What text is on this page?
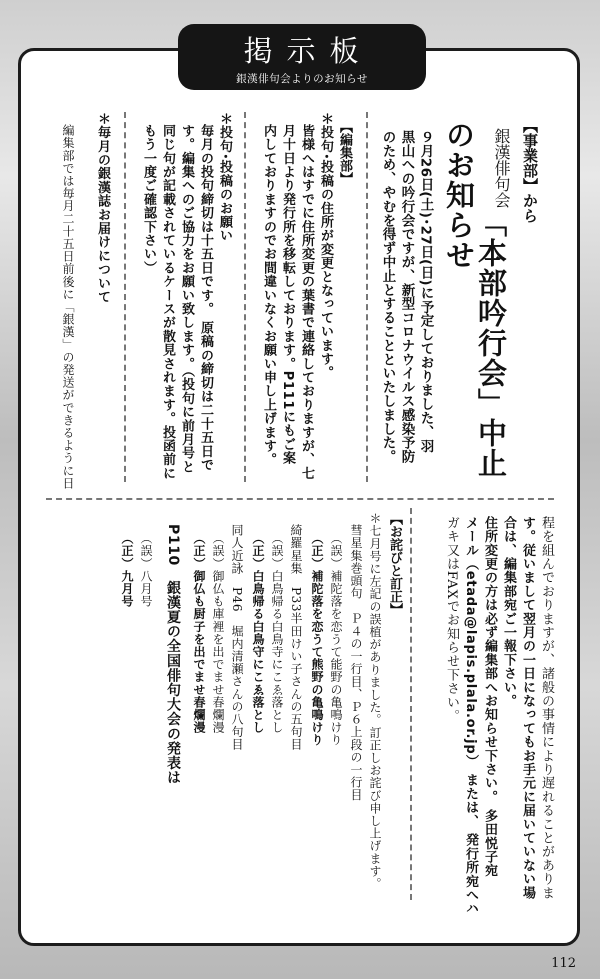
掲示板
銀漢俳句会よりのお知らせ
【事業部】から
銀漢俳句会
「本部吟行会」中止
のお知らせ
９月26日(土)･27日(日)に予定しておりました、羽
黒山への吟行会ですが、新型コロナウイルス感染予防
のため、やむを得ず中止とすることといたしました。
【編集部】
＊投句･投稿の住所が変更となっています。
皆様へはすでに住所変更の葉書で連絡しておりますが、七
月十日より発行所を移転しております。P111にもご案
内しておりますのでお間違いなくお願い申し上げます。
＊投句･投稿のお願い
毎月の投句締切は十五日です。 原稿の締切は二十五日で
す。編集へのご協力をお願い致します。（投句に前月号と
同じ句が記載されているケースが散見されます。投函前に
もう一度ご確認下さい）
＊毎月の銀漢誌お届けについて
編集部では毎月二十五日前後に「銀漢」の発送ができるように日
程を組んでおりますが、諸般の事情により遅れることがありま
す。従いまして翌月の一日になってもお手元に届いていない場
合は、編集部宛ご一報下さい。
住所変更の方は必ず編集部へお知らせ下さい。 多田悦子宛
メール（etada@lapis.plala.or.jp） または、 発行所宛へハ
ガキ又はFAXでお知らせ下さい。
【お詫びと訂正】
＊七月号に左記の誤植がありました。訂正しお詫び申し上げます。
彗星集巻頭句　Ｐ４の一行目、Ｐ６上段の一行目
（誤）補陀落を恋うて能野の亀鳴けり
（正）補陀落を恋うて熊野の亀鳴けり
綺羅星集　P33半田けい子さんの五句目
（誤）白鳥帰る白鳥寺にこゑ落とし
（正）白鳥帰る白鳥守にこゑ落とし
同人近詠　P46　堀内清瀬さんの八句目
（誤）御仏も庫裡を出でませ春爛漫
（正）御仏も厨子を出でませ春爛漫
P110　銀漢夏の全国俳句大会の発表は
（誤）八月号
（正）九月号
112
